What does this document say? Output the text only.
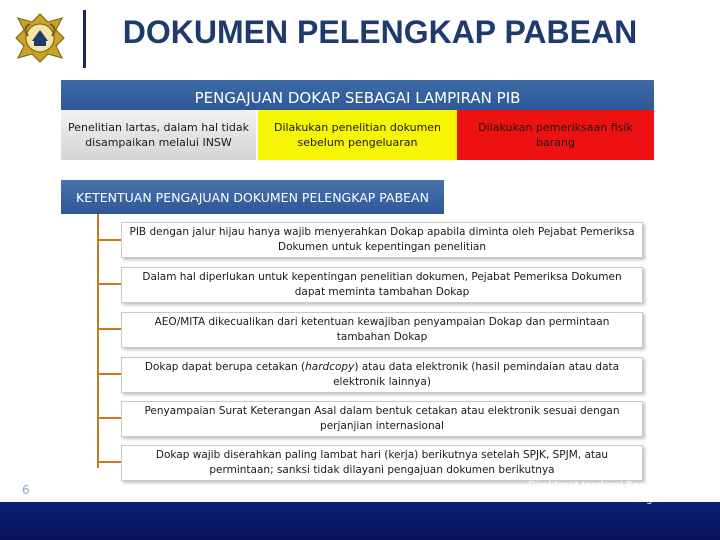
DOKUMEN PELENGKAP PABEAN
PENGAJUAN DOKAP SEBAGAI LAMPIRAN PIB
Penelitian lartas, dalam hal tidak disampaikan melalui INSW
Dilakukan penelitian dokumen sebelum pengeluaran
Dilakukan pemeriksaan fisik barang
KETENTUAN PENGAJUAN DOKUMEN PELENGKAP PABEAN
PIB dengan jalur hijau hanya wajib menyerahkan Dokap apabila diminta oleh Pejabat Pemeriksa Dokumen untuk kepentingan penelitian
Dalam hal diperlukan untuk kepentingan penelitian dokumen, Pejabat Pemeriksa Dokumen dapat meminta tambahan Dokap
AEO/MITA dikecualikan dari ketentuan kewajiban penyampaian Dokap dan permintaan tambahan Dokap
Dokap dapat berupa cetakan (hardcopy) atau data elektronik (hasil pemindaian atau data elektronik lainnya)
Penyampaian Surat Keterangan Asal dalam bentuk cetakan atau elektronik sesuai dengan perjanjian internasional
Dokap wajib diserahkan paling lambat hari (kerja) berikutnya setelah SPJK, SPJM, atau permintaan; sanksi tidak dilayani pengajuan dokumen berikutnya
6	Direktorat Jenderal Bea dan Cukai
Kementerian Keuangan RI
